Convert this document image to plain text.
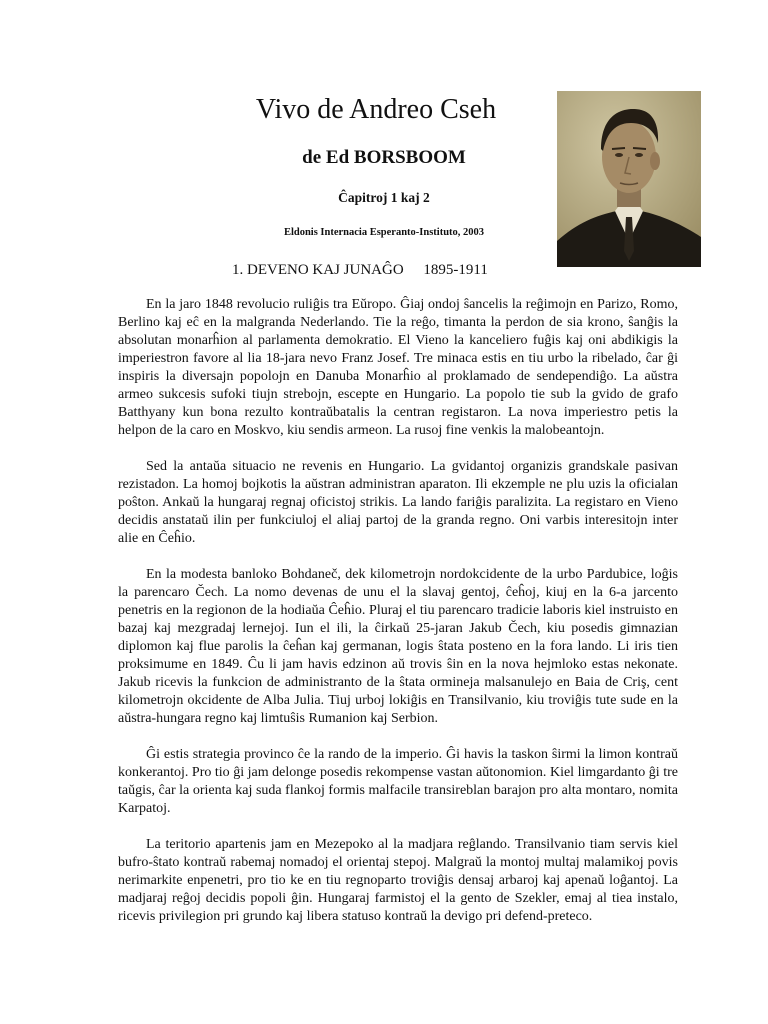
Vivo de Andreo Cseh
de Ed BORSBOOM
Ĉapitroj 1 kaj 2
Eldonis Internacia Esperanto-Instituto, 2003
1. DEVENO KAJ JUNAĜO 1895-1911

En la jaro 1848 revolucio ruliĝis tra Eŭropo. Ĝiaj ondoj ŝancelis la reĝimojn en Parizo, Romo, Berlino kaj eĉ en la malgranda Nederlando. Tie la reĝo, timanta la perdon de sia krono, ŝanĝis la absolutan monarĥion al parlamenta demokratio. El Vieno la kanceliero fuĝis kaj oni abdikigis la imperiestron favore al lia 18-jara nevo Franz Josef. Tre minaca estis en tiu urbo la ribelado, ĉar ĝi inspiris la diversajn popolojn en Danuba Monarĥio al proklamado de sendependiĝo. La aŭstra armeo sukcesis sufoki tiujn strebojn, escepte en Hungario. La popolo tie sub la gvido de grafo Batthyany kun bona rezulto kontraŭbatalis la centran registaron. La nova imperiestro petis la helpon de la caro en Moskvo, kiu sendis armeon. La rusoj fine venkis la malobeantojn.

Sed la antaŭa situacio ne revenis en Hungario. La gvidantoj organizis grandskale pasivan rezistadon. La homoj bojkotis la aŭstran administran aparaton. Ili ekzemple ne plu uzis la oficialan poŝton. Ankaŭ la hungaraj regnaj oficistoj strikis. La lando fariĝis paralizita. La registaro en Vieno decidis anstataŭ ilin per funkciuloj el aliaj partoj de la granda regno. Oni varbis interesitojn inter alie en Ĉeĥio.

En la modesta banloko Bohdaneč, dek kilometrojn nordokcidente de la urbo Pardubice, loĝis la parencaro Čech. La nomo devenas de unu el la slavaj gentoj, ĉeĥoj, kiuj en la 6-a jarcento penetris en la regionon de la hodiaŭa Ĉeĥio. Pluraj el tiu parencaro tradicie laboris kiel instruisto en bazaj kaj mezgradaj lernejoj. Iun el ili, la ĉirkaŭ 25-jaran Jakub Čech, kiu posedis gimnazian diplomon kaj flue parolis la ĉeĥan kaj germanan, logis ŝtata posteno en la fora lando. Li iris tien proksimume en 1849. Ĉu li jam havis edzinon aŭ trovis ŝin en la nova hejmloko estas nekonate. Jakub ricevis la funkcion de administranto de la ŝtata ormineja malsanulejo en Baia de Criş, cent kilometrojn okcidente de Alba Julia. Tiuj urboj lokiĝis en Transilvanio, kiu troviĝis tute sude en la aŭstra-hungara regno kaj limtuŝis Rumanion kaj Serbion.

Ĝi estis strategia provinco ĉe la rando de la imperio. Ĝi havis la taskon ŝirmi la limon kontraŭ konkerantoj. Pro tio ĝi jam delonge posedis rekompense vastan aŭtonomion. Kiel limgardanto ĝi tre taŭgis, ĉar la orienta kaj suda flankoj formis malfacile transireblan barajon pro alta montaro, nomita Karpatoj.

La teritorio apartenis jam en Mezepoko al la madjara reĝlando. Transilvanio tiam servis kiel bufro-ŝtato kontraŭ rabemaj nomadoj el orientaj stepoj. Malgraŭ la montoj multaj malamikoj povis nerimarkite enpenetri, pro tio ke en tiu regnoparto troviĝis densaj arbaroj kaj apenaŭ loĝantoj. La madjaraj reĝoj decidis popoli ĝin. Hungaraj farmistoj el la gento de Szekler, emaj al tiea instalo, ricevis privilegion pri grundo kaj libera statuso kontraŭ la devigo pri defend-preteco.
